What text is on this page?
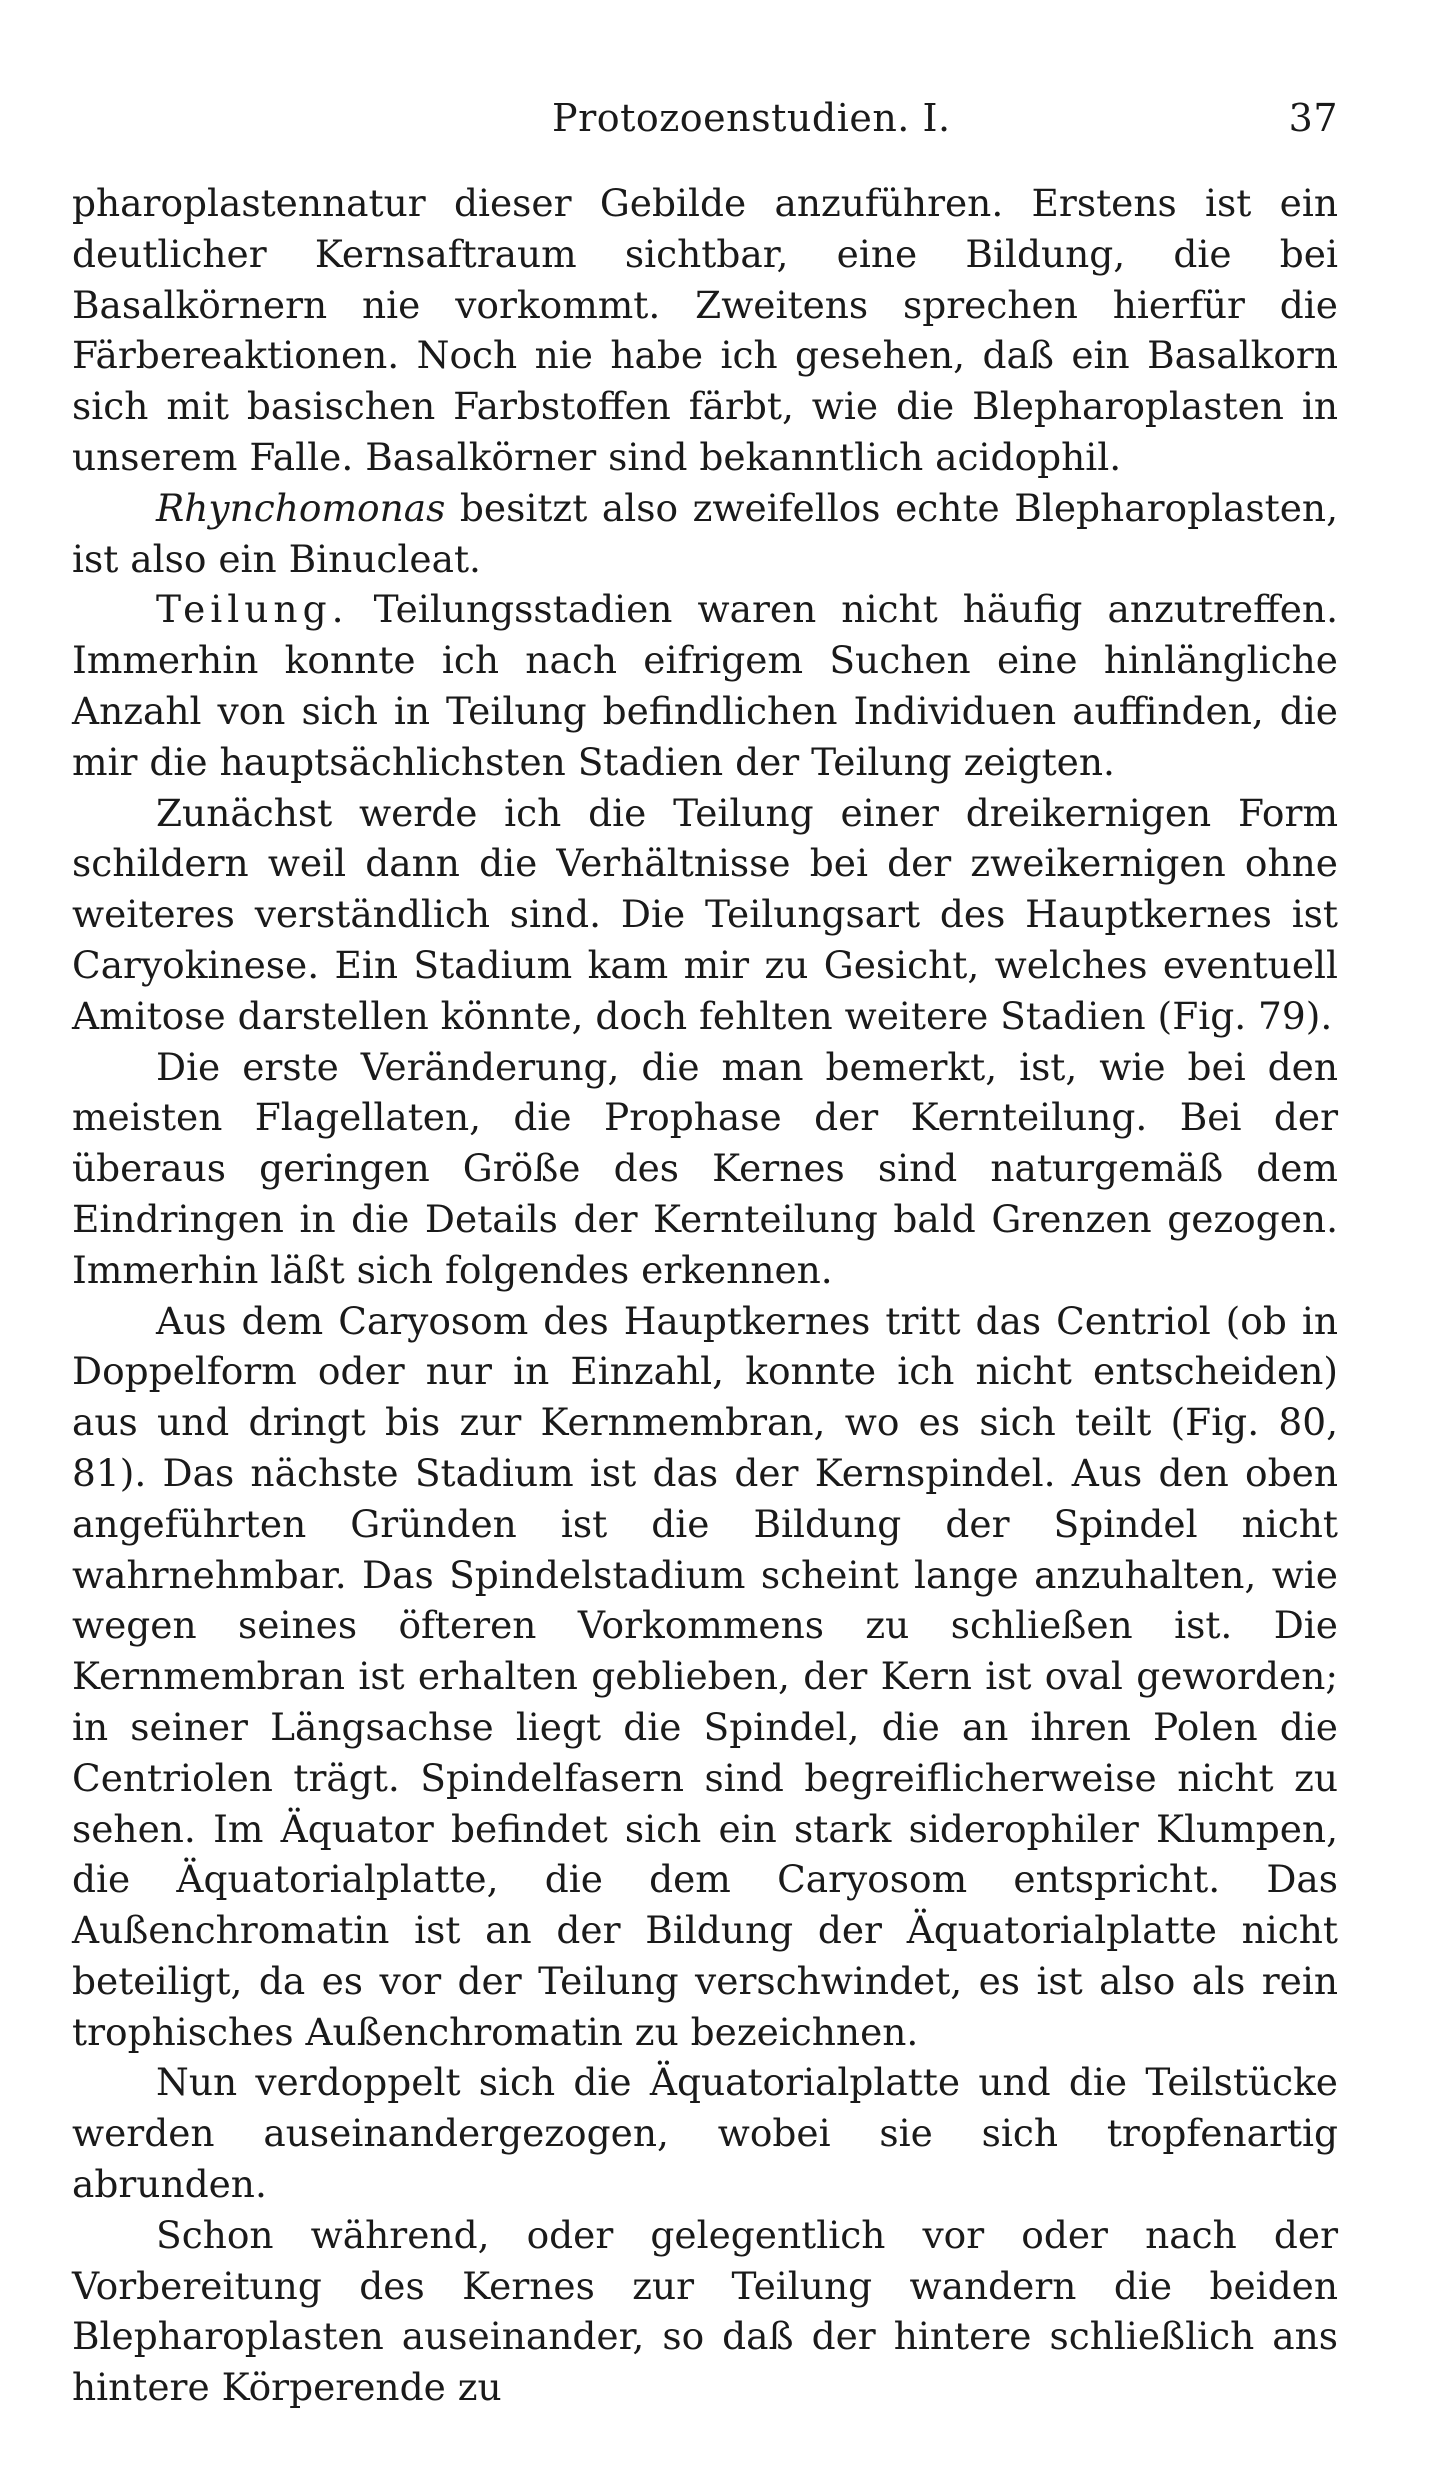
Protozoenstudien. I.	37

pharoplastennatur dieser Gebilde anzuführen. Erstens ist ein deutlicher Kernsaftraum sichtbar, eine Bildung, die bei Basalkörnern nie vorkommt. Zweitens sprechen hierfür die Färbereaktionen. Noch nie habe ich gesehen, daß ein Basalkorn sich mit basischen Farbstoffen färbt, wie die Blepharoplasten in unserem Falle. Basalkörner sind bekanntlich acidophil.

Rhynchomonas besitzt also zweifellos echte Blepharoplasten, ist also ein Binucleat.

Teilung. Teilungsstadien waren nicht häufig anzutreffen. Immerhin konnte ich nach eifrigem Suchen eine hinlängliche Anzahl von sich in Teilung befindlichen Individuen auffinden, die mir die hauptsächlichsten Stadien der Teilung zeigten.

Zunächst werde ich die Teilung einer dreikernigen Form schildern weil dann die Verhältnisse bei der zweikernigen ohne weiteres verständlich sind. Die Teilungsart des Hauptkernes ist Caryokinese. Ein Stadium kam mir zu Gesicht, welches eventuell Amitose darstellen könnte, doch fehlten weitere Stadien (Fig. 79).

Die erste Veränderung, die man bemerkt, ist, wie bei den meisten Flagellaten, die Prophase der Kernteilung. Bei der überaus geringen Größe des Kernes sind naturgemäß dem Eindringen in die Details der Kernteilung bald Grenzen gezogen. Immerhin läßt sich folgendes erkennen.

Aus dem Caryosom des Hauptkernes tritt das Centriol (ob in Doppelform oder nur in Einzahl, konnte ich nicht entscheiden) aus und dringt bis zur Kernmembran, wo es sich teilt (Fig. 80, 81). Das nächste Stadium ist das der Kernspindel. Aus den oben angeführten Gründen ist die Bildung der Spindel nicht wahrnehmbar. Das Spindelstadium scheint lange anzuhalten, wie wegen seines öfteren Vorkommens zu schließen ist. Die Kernmembran ist erhalten geblieben, der Kern ist oval geworden; in seiner Längsachse liegt die Spindel, die an ihren Polen die Centriolen trägt. Spindelfasern sind begreiflicherweise nicht zu sehen. Im Äquator befindet sich ein stark siderophiler Klumpen, die Äquatorialplatte, die dem Caryosom entspricht. Das Außenchromatin ist an der Bildung der Äquatorialplatte nicht beteiligt, da es vor der Teilung verschwindet, es ist also als rein trophisches Außenchromatin zu bezeichnen.

Nun verdoppelt sich die Äquatorialplatte und die Teilstücke werden auseinandergezogen, wobei sie sich tropfenartig abrunden.

Schon während, oder gelegentlich vor oder nach der Vorbereitung des Kernes zur Teilung wandern die beiden Blepharoplasten auseinander, so daß der hintere schließlich ans hintere Körperende zu
